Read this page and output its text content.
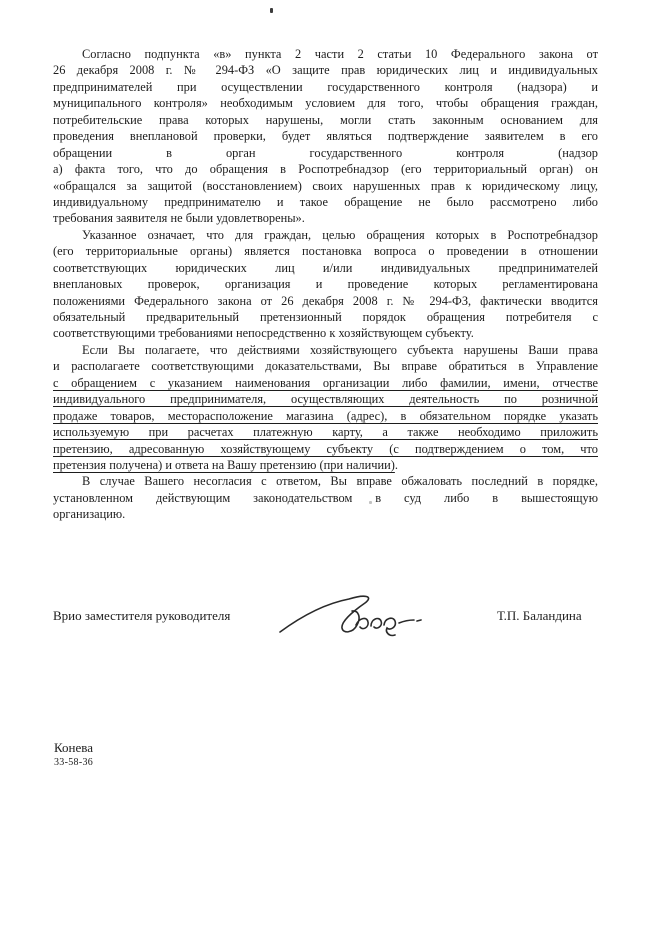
Согласно подпункта «в» пункта 2 части 2 статьи 10 Федерального закона от
26 декабря 2008 г. № 294-ФЗ «О защите прав юридических лиц и индивидуальных
предпринимателей при осуществлении государственного контроля (надзора) и
муниципального контроля» необходимым условием для того, чтобы обращения граждан,
потребительские права которых нарушены, могли стать законным основанием для
проведения внеплановой проверки, будет являться подтверждение заявителем в его
обращении в орган государственного контроля (надзор
а) факта того, что до обращения в Роспотребнадзор (его территориальный орган) он
«обращался за защитой (восстановлением) своих нарушенных прав к юридическому лицу,
индивидуальному предпринимателю и такое обращение не было рассмотрено либо
требования заявителя не были удовлетворены».
Указанное означает, что для граждан, целью обращения которых в Роспотребнадзор
(его территориальные органы) является постановка вопроса о проведении в отношении
соответствующих юридических лиц и/или индивидуальных предпринимателей
внеплановых проверок, организация и проведение которых регламентирована
положениями Федерального закона от 26 декабря 2008 г. № 294-ФЗ, фактически вводится
обязательный предварительный претензионный порядок обращения потребителя с
соответствующими требованиями непосредственно к хозяйствующем субъекту.
Если Вы полагаете, что действиями хозяйствующего субъекта нарушены Ваши права
и располагаете соответствующими доказательствами, Вы вправе обратиться в Управление
с обращением с указанием наименования организации либо фамилии, имени, отчестве
индивидуального предпринимателя, осуществляющих деятельность по розничной
продаже товаров, месторасположение магазина (адрес), в обязательном порядке указать
используемую при расчетах платежную карту, а также необходимо приложить
претензию, адресованную хозяйствующему субъекту (с подтверждением о том, что
претензия получена) и ответа на Вашу претензию (при наличии).
В случае Вашего несогласия с ответом, Вы вправе обжаловать последний в порядке,
установленном действующим законодательством в суд либо в вышестоящую
организацию.
Врио заместителя руководителя	Т.П. Баландина
Конева
33-58-36
